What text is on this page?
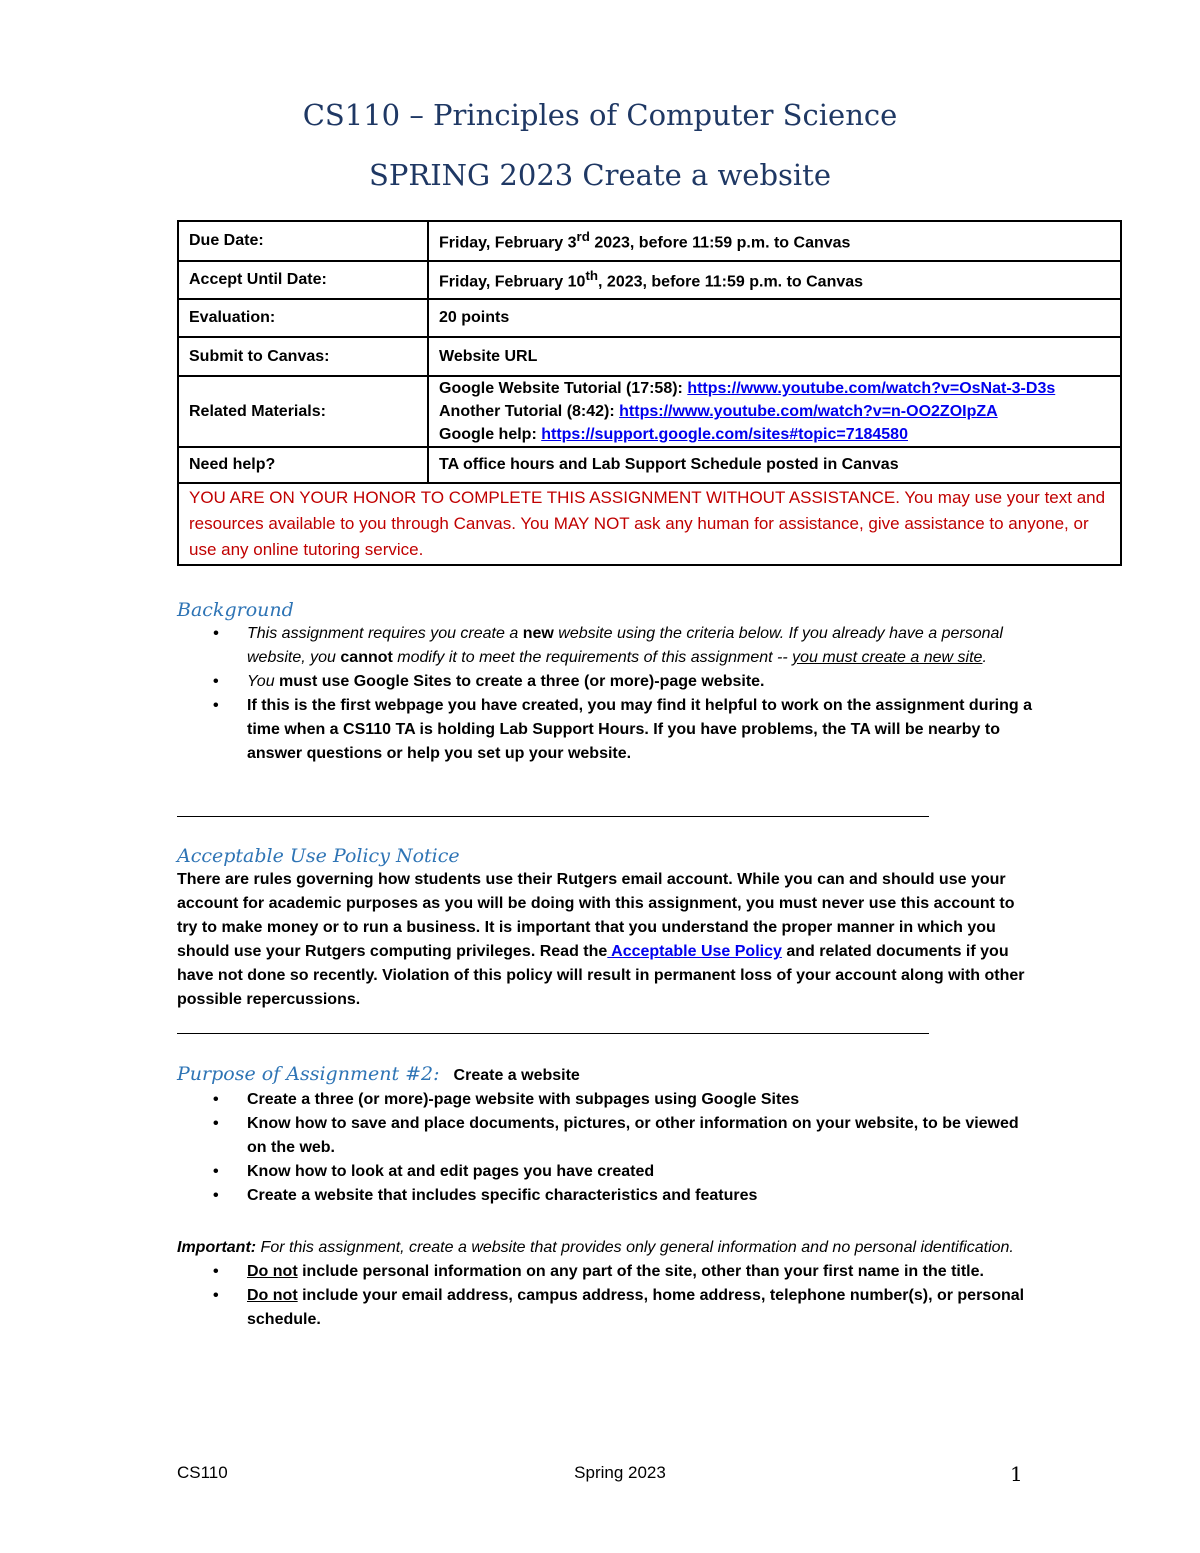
CS110 – Principles of Computer Science
SPRING 2023 Create a website
Due Date:	Friday, February 3rd 2023, before 11:59 p.m. to Canvas
Accept Until Date:	Friday, February 10th, 2023, before 11:59 p.m. to Canvas
Evaluation:	20 points
Submit to Canvas:	Website URL
Related Materials:	Google Website Tutorial (17:58): https://www.youtube.com/watch?v=OsNat-3-D3s
Another Tutorial (8:42): https://www.youtube.com/watch?v=n-OO2ZOIpZA
Google help: https://support.google.com/sites#topic=7184580

Need help?	TA office hours and Lab Support Schedule posted in Canvas
YOU ARE ON YOUR HONOR TO COMPLETE THIS ASSIGNMENT WITHOUT ASSISTANCE. You may use your text and resources available to you through Canvas. You MAY NOT ask any human for assistance, give assistance to anyone, or use any online tutoring service.	
Background
• This assignment requires you create a new website using the criteria below. If you already have a personal website, you cannot modify it to meet the requirements of this assignment -- you must create a new site.
• You must use Google Sites to create a three (or more)-page website.
• If this is the first webpage you have created, you may find it helpful to work on the assignment during a time when a CS110 TA is holding Lab Support Hours. If you have problems, the TA will be nearby to answer questions or help you set up your website.
Acceptable Use Policy Notice
There are rules governing how students use their Rutgers email account. While you can and should use your account for academic purposes as you will be doing with this assignment, you must never use this account to try to make money or to run a business. It is important that you understand the proper manner in which you should use your Rutgers computing privileges. Read the Acceptable Use Policy and related documents if you have not done so recently. Violation of this policy will result in permanent loss of your account along with other possible repercussions.
Purpose of Assignment #2: Create a website
• Create a three (or more)-page website with subpages using Google Sites
• Know how to save and place documents, pictures, or other information on your website, to be viewed on the web.
• Know how to look at and edit pages you have created
• Create a website that includes specific characteristics and features
Important: For this assignment, create a website that provides only general information and no personal identification.
• Do not include personal information on any part of the site, other than your first name in the title.
• Do not include your email address, campus address, home address, telephone number(s), or personal schedule.
CS110	Spring 2023	1
